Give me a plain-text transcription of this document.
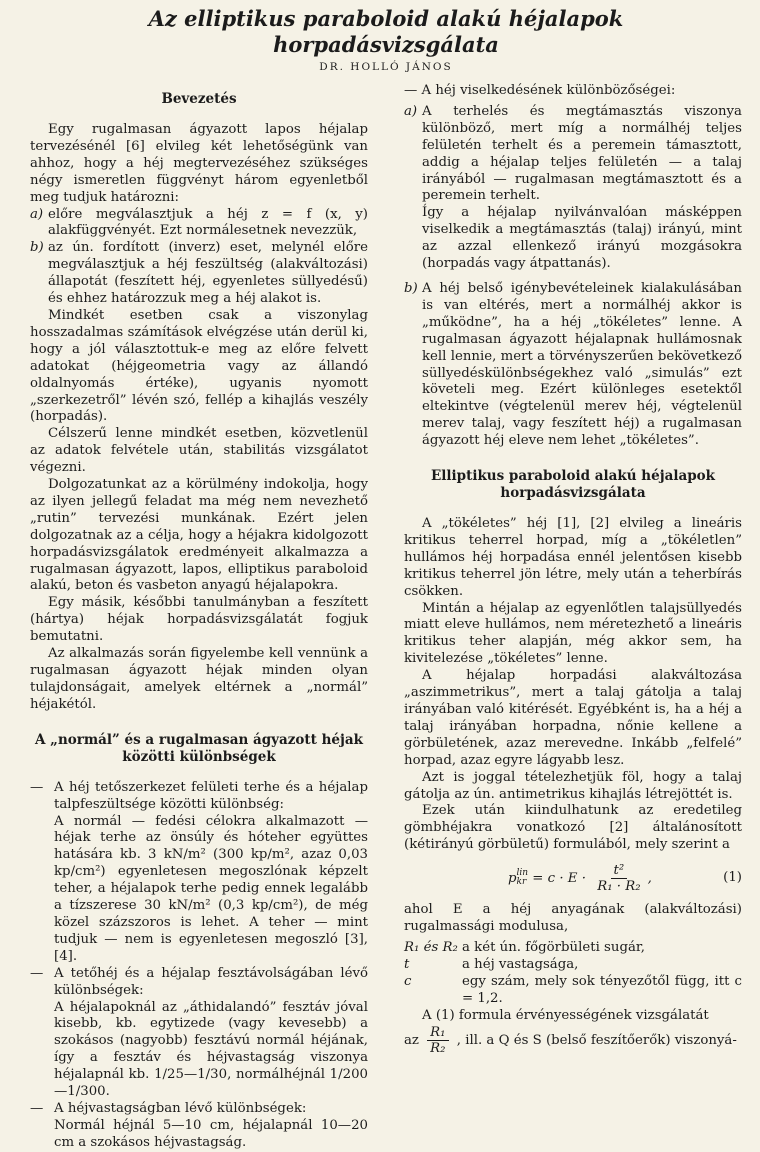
Az elliptikus paraboloid alakú héjalapok
horpadásvizsgálata
DR. HOLLÓ JÁNOS

Bevezetés

Egy rugalmasan ágyazott lapos héjalap tervezésénél [6] elvileg két lehetőségünk van ahhoz, hogy a héj megtervezéséhez szükséges négy ismeretlen függvényt három egyenletből meg tudjuk határozni:

a) előre megválasztjuk a héj z = f (x, y) alakfüggvényét. Ezt normálesetnek nevezzük,
b) az ún. fordított (inverz) eset, melynél előre megválasztjuk a héj feszültség (alakváltozási) állapotát (feszített héj, egyenletes süllyedésű) és ehhez határozzuk meg a héj alakot is.

Mindkét esetben csak a viszonylag hosszadalmas számítások elvégzése után derül ki, hogy a jól választottuk-e meg az előre felvett adatokat (héjgeometria vagy az állandó oldalnyomás értéke), ugyanis nyomott „szerkezetről” lévén szó, fellép a kihajlás veszély (horpadás).

Célszerű lenne mindkét esetben, közvetlenül az adatok felvétele után, stabilitás vizsgálatot végezni.

Dolgozatunkat az a körülmény indokolja, hogy az ilyen jellegű feladat ma még nem nevezhető „rutin” tervezési munkának. Ezért jelen dolgozatnak az a célja, hogy a héjakra kidolgozott horpadásvizsgálatok eredményeit alkalmazza a rugalmasan ágyazott, lapos, elliptikus paraboloid alakú, beton és vasbeton anyagú héjalapokra.

Egy másik, későbbi tanulmányban a feszített (hártya) héjak horpadásvizsgálatát fogjuk bemutatni.

Az alkalmazás során figyelembe kell vennünk a rugalmasan ágyazott héjak minden olyan tulajdonságait, amelyek eltérnek a „normál” héjakétól.

A „normál” és a rugalmasan ágyazott héjak
közötti különbségek

— A héj tetőszerkezet felületi terhe és a héjalap talpfeszültsége közötti különbség:

A normál — fedési célokra alkalmazott — héjak terhe az önsúly és hóteher együttes hatására kb. 3 kN/m² (300 kp/m², azaz 0,03 kp/cm²) egyenletesen megoszlónak képzelt teher, a héjalapok terhe pedig ennek legalább a tízszerese 30 kN/m² (0,3 kp/cm²), de még közel százszoros is lehet. A teher — mint tudjuk — nem is egyenletesen megoszló [3], [4].

— A tetőhéj és a héjalap fesztávolságában lévő különbségek:

A héjalapoknál az „áthidalandó” fesztáv jóval kisebb, kb. egytizede (vagy kevesebb) a szokásos (nagyobb) fesztávú normál héjának, így a fesztáv és héjvastagság viszonya héjalapnál kb. 1/25—1/30, normálhéjnál 1/200—1/300.

— A héjvastagságban lévő különbségek:

Normál héjnál 5—10 cm, héjalapnál 10—20 cm a szokásos héjvastagság.

— A héj viselkedésének különbözőségei:

a) A terhelés és megtámasztás viszonya különböző, mert míg a normálhéj teljes felületén terhelt és a peremein támasztott, addig a héjalap teljes felületén — a talaj irányából — rugalmasan megtámasztott és a peremein terhelt.
Így a héjalap nyilvánvalóan másképpen viselkedik a megtámasztás (talaj) irányú, mint az azzal ellenkező irányú mozgásokra (horpadás vagy átpattanás).
b) A héj belső igénybevételeinek kialakulásában is van eltérés, mert a normálhéj akkor is „működne”, ha a héj „tökéletes” lenne. A rugalmasan ágyazott héjalapnak hullámosnak kell lennie, mert a törvényszerűen bekövetkező süllyedéskülönbségekhez való „simulás” ezt követeli meg. Ezért különleges esetektől eltekintve (végtelenül merev héj, végtelenül merev talaj, vagy feszített héj) a rugalmasan ágyazott héj eleve nem lehet „tökéletes”.

Elliptikus paraboloid alakú héjalapok
horpadásvizsgálata

A „tökéletes” héj [1], [2] elvileg a lineáris kritikus teherrel horpad, míg a „tökéletlen” hullámos héj horpadása ennél jelentősen kisebb kritikus teherrel jön létre, mely után a teherbírás csökken.

Mintán a héjalap az egyenlőtlen talajsüllyedés miatt eleve hullámos, nem méretezhető a lineáris kritikus teher alapján, még akkor sem, ha kivitelezése „tökéletes” lenne.

A héjalap horpadási alakváltozása „aszimmetrikus”, mert a talaj gátolja a talaj irányában való kitérését. Egyébként is, ha a héj a talaj irányában horpadna, nőnie kellene a görbületének, azaz merevedne. Inkább „felfelé” horpad, azaz egyre lágyabb lesz.

Azt is joggal tételezhetjük föl, hogy a talaj gátolja az ún. antimetrikus kihajlás létrejöttét is.

Ezek után kiindulhatunk az eredetileg gömbhéjakra vonatkozó [2] általánosított (kétirányú görbületű) formulából, mely szerint a

p lin
kr = $c \cdot E \cdot \frac{\text{t²}}{\text{R₁ · R₂}}$ ,	(1)

ahol E a héj anyagának (alakváltozási) rugalmassági modulusa,

R₁ és R₂ a két ún. főgörbületi sugár,
t	a héj vastagsága,
c	egy szám, mely sok tényezőtől függ, itt c = 1,2.

A (1) formula érvényességének vizsgálatát

az $\frac{\text{R₁}}{\text{R₂}}$ , ill. a Q és S (belső feszítőerők) viszonyá-
